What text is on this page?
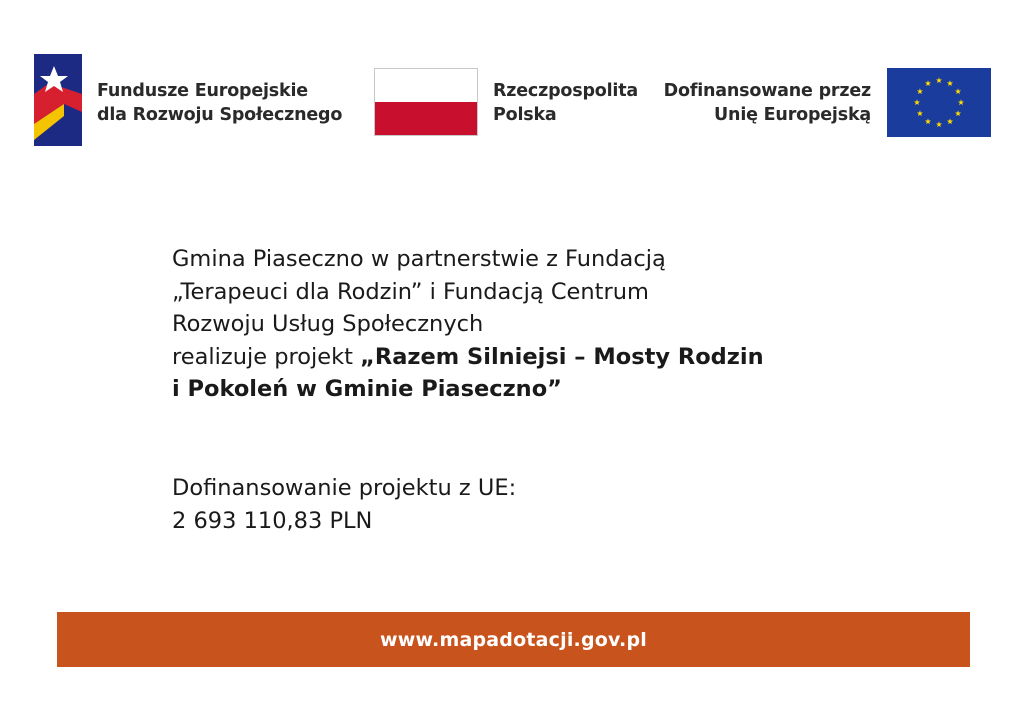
Fundusze Europejskie
dla Rozwoju Społecznego
Rzeczpospolita
Polska
Dofinansowane przez
Unię Europejską
Gmina Piaseczno w partnerstwie z Fundacją
„Terapeuci dla Rodzin” i Fundacją Centrum
Rozwoju Usług Społecznych
realizuje projekt „Razem Silniejsi – Mosty Rodzin
i Pokoleń w Gminie Piaseczno”
Dofinansowanie projektu z UE:
2 693 110,83 PLN
www.mapadotacji.gov.pl
